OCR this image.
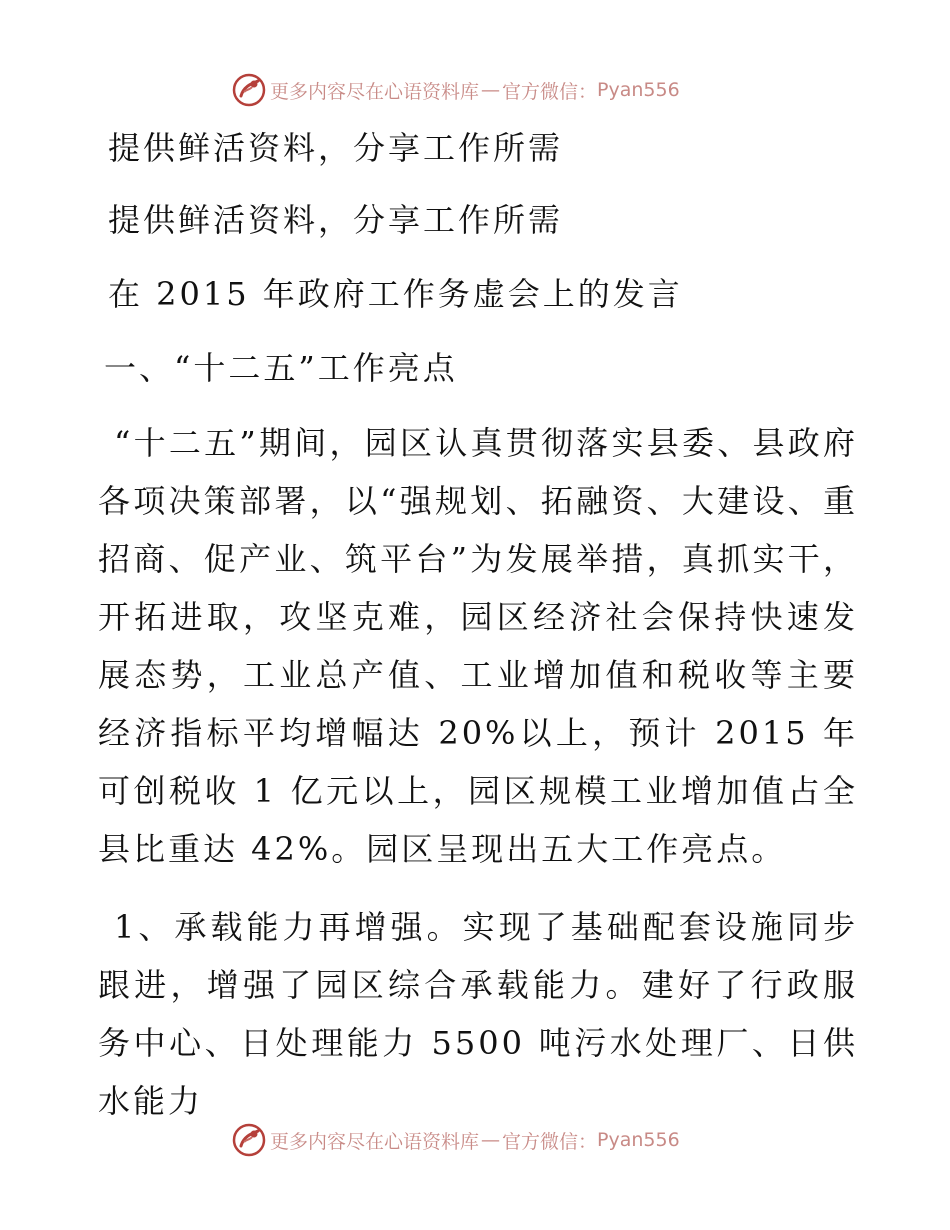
更多内容尽在心语资料库 — 官方微信： Pyan556
提供鲜活资料，分享工作所需
提供鲜活资料，分享工作所需
在 2015 年政府工作务虚会上的发言
一、“十二五”工作亮点
“十二五”期间，园区认真贯彻落实县委、县政府各项决策部署，以“强规划、拓融资、大建设、重招商、促产业、筑平台”为发展举措，真抓实干，开拓进取，攻坚克难，园区经济社会保持快速发展态势，工业总产值、工业增加值和税收等主要经济指标平均增幅达 20%以上，预计 2015 年可创税收 1 亿元以上，园区规模工业增加值占全县比重达 42%。园区呈现出五大工作亮点。
1、承载能力再增强。实现了基础配套设施同步跟进，增强了园区综合承载能力。建好了行政服务中心、日处理能力 5500 吨污水处理厂、日供水能力
更多内容尽在心语资料库 — 官方微信： Pyan556
